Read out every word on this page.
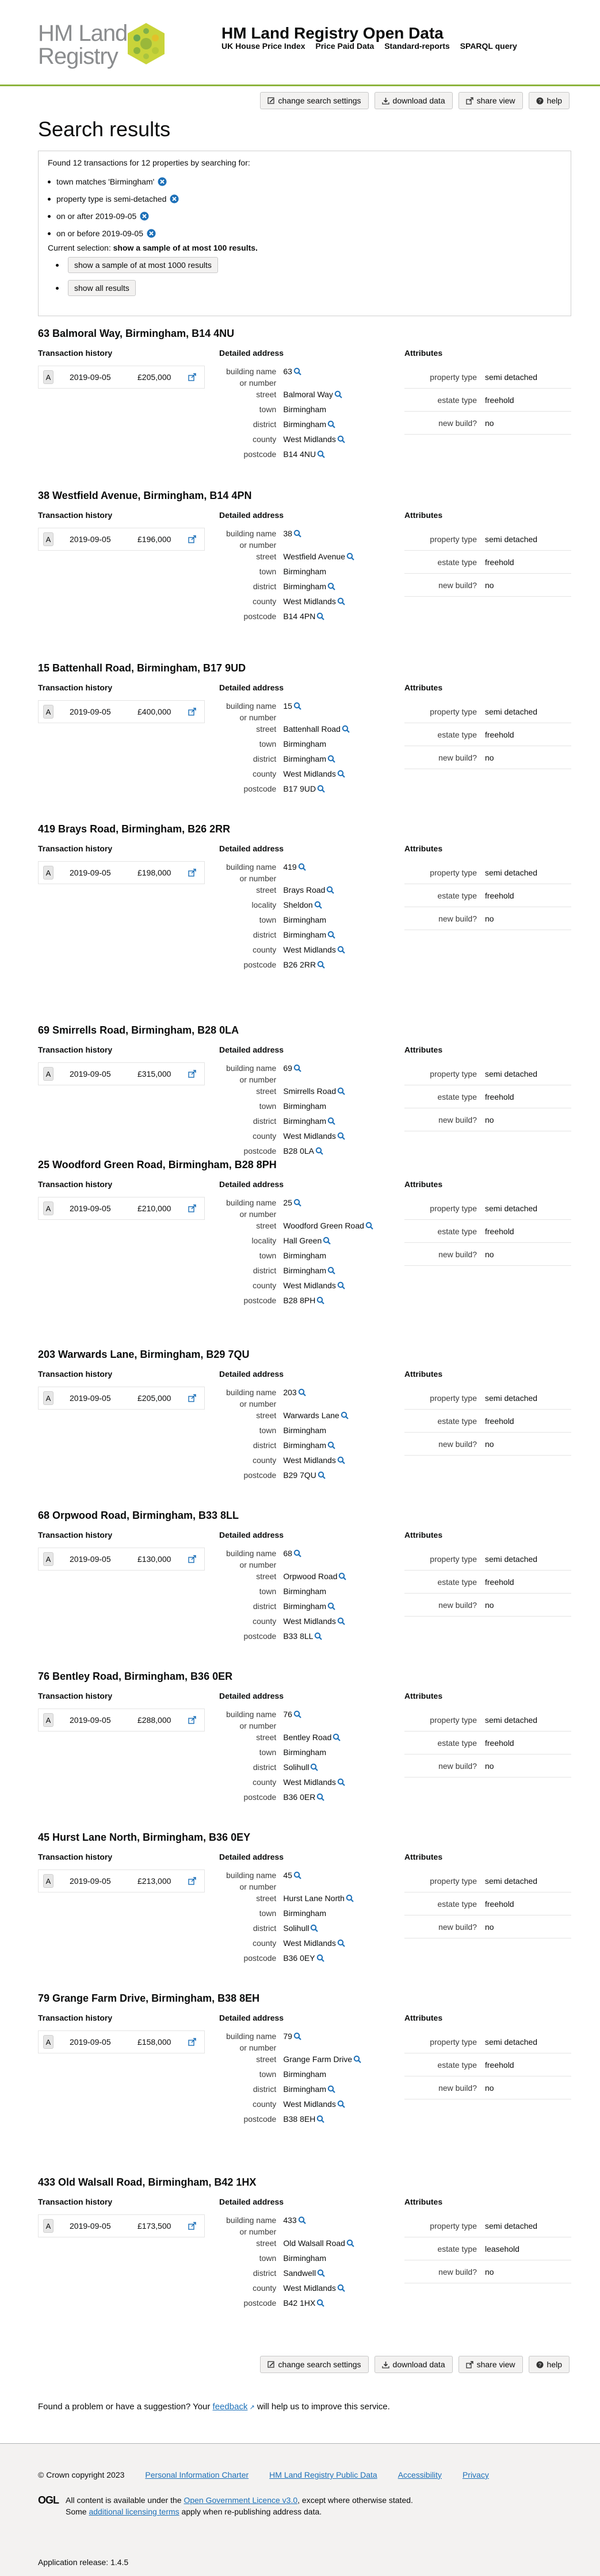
HM Land
Registry
HM Land Registry Open Data
UK House Price Index Price Paid Data Standard-reports SPARQL query
change search settings	download data	share view	? help
Search results
Found 12 transactions for 12 properties by searching for:
town matches 'Birmingham'
property type is semi-detached
on or after 2019-09-05
on or before 2019-09-05
Current selection: show a sample of at most 100 results.
show a sample of at most 1000 results
show all results
63 Balmoral Way, Birmingham, B14 4NU
Transaction history	Detailed address	Attributes
A	2019-09-05	£205,000
building name or number
63
street Balmoral Way
town Birmingham
district Birmingham
county West Midlands
postcode B14 4NU
property type	semi detached
estate type	freehold
new build?	no
38 Westfield Avenue, Birmingham, B14 4PN
Transaction history	Detailed address	Attributes
A	2019-09-05	£196,000
building name or number
38
street Westfield Avenue
town Birmingham
district Birmingham
county West Midlands
postcode B14 4PN
property type	semi detached
estate type	freehold
new build?	no
15 Battenhall Road, Birmingham, B17 9UD
Transaction history	Detailed address	Attributes
A	2019-09-05	£400,000
building name or number
15
street Battenhall Road
town Birmingham
district Birmingham
county West Midlands
postcode B17 9UD
property type	semi detached
estate type	freehold
new build?	no
419 Brays Road, Birmingham, B26 2RR
Transaction history	Detailed address	Attributes
A	2019-09-05	£198,000
building name or number
419
street Brays Road
locality Sheldon
town Birmingham
district Birmingham
county West Midlands
postcode B26 2RR
property type	semi detached
estate type	freehold
new build?	no
69 Smirrells Road, Birmingham, B28 0LA
Transaction history	Detailed address	Attributes
A	2019-09-05	£315,000
building name or number
69
street Smirrells Road
town Birmingham
district Birmingham
county West Midlands
postcode B28 0LA
property type	semi detached
estate type	freehold
new build?	no
25 Woodford Green Road, Birmingham, B28 8PH
Transaction history	Detailed address	Attributes
A	2019-09-05	£210,000
building name or number
25
street Woodford Green Road
locality Hall Green
town Birmingham
district Birmingham
county West Midlands
postcode B28 8PH
property type	semi detached
estate type	freehold
new build?	no
203 Warwards Lane, Birmingham, B29 7QU
Transaction history	Detailed address	Attributes
A	2019-09-05	£205,000
building name or number
203
street Warwards Lane
town Birmingham
district Birmingham
county West Midlands
postcode B29 7QU
property type	semi detached
estate type	freehold
new build?	no
68 Orpwood Road, Birmingham, B33 8LL
Transaction history	Detailed address	Attributes
A	2019-09-05	£130,000
building name or number
68
street Orpwood Road
town Birmingham
district Birmingham
county West Midlands
postcode B33 8LL
property type	semi detached
estate type	freehold
new build?	no
76 Bentley Road, Birmingham, B36 0ER
Transaction history	Detailed address	Attributes
A	2019-09-05	£288,000
building name or number
76
street Bentley Road
town Birmingham
district Solihull
county West Midlands
postcode B36 0ER
property type	semi detached
estate type	freehold
new build?	no
45 Hurst Lane North, Birmingham, B36 0EY
Transaction history	Detailed address	Attributes
A	2019-09-05	£213,000
building name or number
45
street Hurst Lane North
town Birmingham
district Solihull
county West Midlands
postcode B36 0EY
property type	semi detached
estate type	freehold
new build?	no
79 Grange Farm Drive, Birmingham, B38 8EH
Transaction history	Detailed address	Attributes
A	2019-09-05	£158,000
building name or number
79
street Grange Farm Drive
town Birmingham
district Birmingham
county West Midlands
postcode B38 8EH
property type	semi detached
estate type	freehold
new build?	no
433 Old Walsall Road, Birmingham, B42 1HX
Transaction history	Detailed address	Attributes
A	2019-09-05	£173,500
building name or number
433
street Old Walsall Road
town Birmingham
district Sandwell
county West Midlands
postcode B42 1HX
property type	semi detached
estate type	leasehold
new build?	no
change search settings	download data	share view	? help
Found a problem or have a suggestion? Your feedback ↗ will help us to improve this service.
© Crown copyright 2023	Personal Information Charter	HM Land Registry Public Data	Accessibility	Privacy
OGL All content is available under the Open Government Licence v3.0, except where otherwise stated.
Some additional licensing terms apply when re-publishing address data.
Application release: 1.4.5
